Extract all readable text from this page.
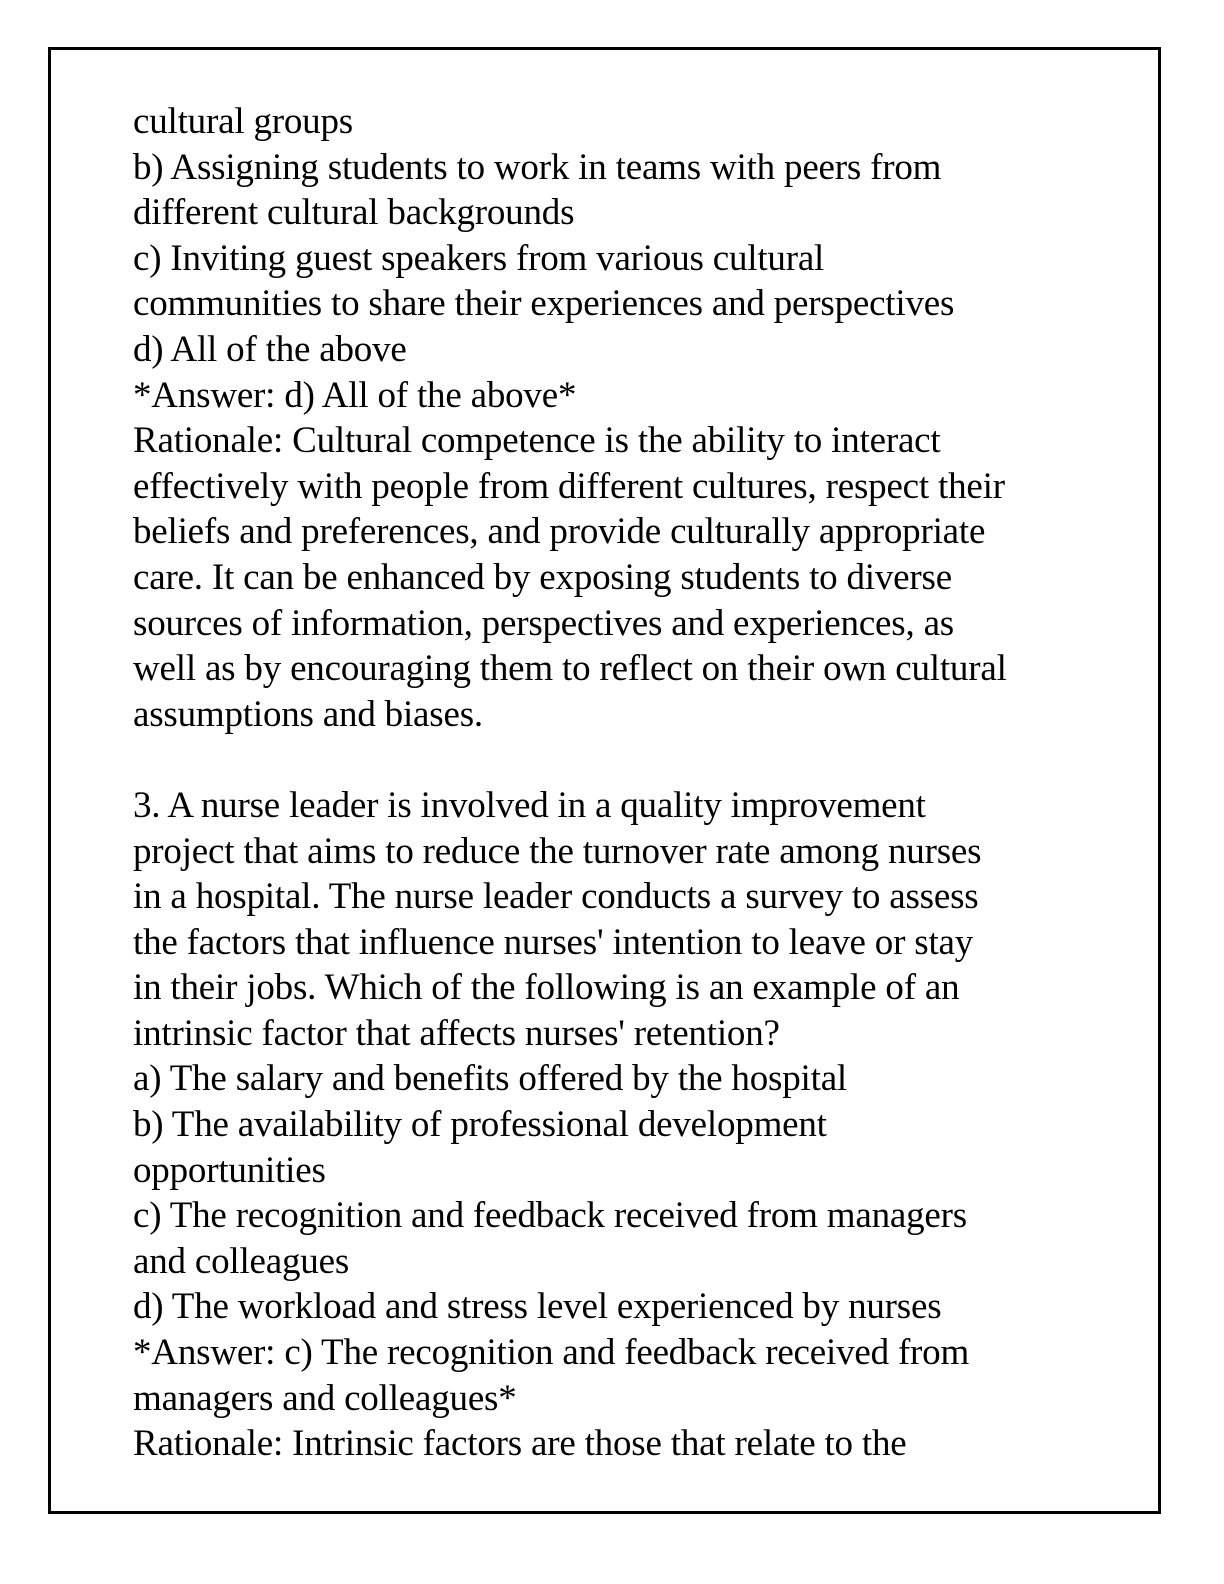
cultural groups
b) Assigning students to work in teams with peers from
different cultural backgrounds
c) Inviting guest speakers from various cultural
communities to share their experiences and perspectives
d) All of the above
*Answer: d) All of the above*
Rationale: Cultural competence is the ability to interact
effectively with people from different cultures, respect their
beliefs and preferences, and provide culturally appropriate
care. It can be enhanced by exposing students to diverse
sources of information, perspectives and experiences, as
well as by encouraging them to reflect on their own cultural
assumptions and biases.
3. A nurse leader is involved in a quality improvement
project that aims to reduce the turnover rate among nurses
in a hospital. The nurse leader conducts a survey to assess
the factors that influence nurses' intention to leave or stay
in their jobs. Which of the following is an example of an
intrinsic factor that affects nurses' retention?
a) The salary and benefits offered by the hospital
b) The availability of professional development
opportunities
c) The recognition and feedback received from managers
and colleagues
d) The workload and stress level experienced by nurses
*Answer: c) The recognition and feedback received from
managers and colleagues*
Rationale: Intrinsic factors are those that relate to the
